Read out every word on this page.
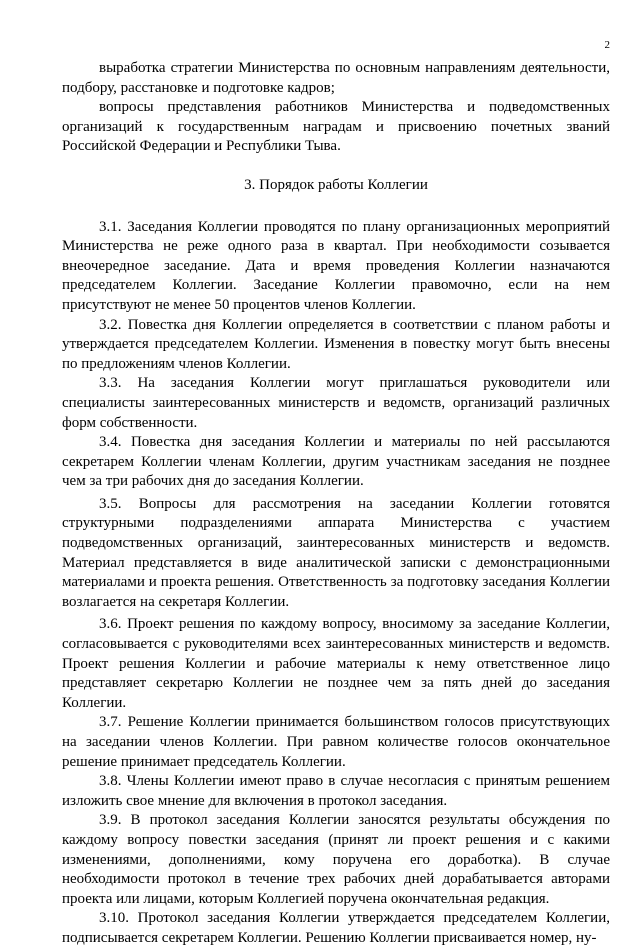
2

выработка стратегии Министерства по основным направлениям деятельности, подбору, расстановке и подготовке кадров;

вопросы представления работников Министерства и подведомственных организаций к государственным наградам и присвоению почетных званий Российской Федерации и Республики Тыва.

3. Порядок работы Коллегии

3.1. Заседания Коллегии проводятся по плану организационных мероприятий Министерства не реже одного раза в квартал. При необходимости созывается внеочередное заседание. Дата и время проведения Коллегии назначаются председателем Коллегии. Заседание Коллегии правомочно, если на нем присутствуют не менее 50 процентов членов Коллегии.

3.2. Повестка дня Коллегии определяется в соответствии с планом работы и утверждается председателем Коллегии. Изменения в повестку могут быть внесены по предложениям членов Коллегии.

3.3. На заседания Коллегии могут приглашаться руководители или специалисты заинтересованных министерств и ведомств, организаций различных форм собственности.

3.4. Повестка дня заседания Коллегии и материалы по ней рассылаются секретарем Коллегии членам Коллегии, другим участникам заседания не позднее чем за три рабочих дня до заседания Коллегии.

3.5. Вопросы для рассмотрения на заседании Коллегии готовятся структурными подразделениями аппарата Министерства с участием подведомственных организаций, заинтересованных министерств и ведомств. Материал представляется в виде аналитической записки с демонстрационными материалами и проекта решения. Ответственность за подготовку заседания Коллегии возлагается на секретаря Коллегии.

3.6. Проект решения по каждому вопросу, вносимому за заседание Коллегии, согласовывается с руководителями всех заинтересованных министерств и ведомств. Проект решения Коллегии и рабочие материалы к нему ответственное лицо представляет секретарю Коллегии не позднее чем за пять дней до заседания Коллегии.

3.7. Решение Коллегии принимается большинством голосов присутствующих на заседании членов Коллегии. При равном количестве голосов окончательное решение принимает председатель Коллегии.

3.8. Члены Коллегии имеют право в случае несогласия с принятым решением изложить свое мнение для включения в протокол заседания.

3.9. В протокол заседания Коллегии заносятся результаты обсуждения по каждому вопросу повестки заседания (принят ли проект решения и с какими изменениями, дополнениями, кому поручена его доработка). В случае необходимости протокол в течение трех рабочих дней дорабатывается авторами проекта или лицами, которым Коллегией поручена окончательная редакция.

3.10. Протокол заседания Коллегии утверждается председателем Коллегии, подписывается секретарем Коллегии. Решению Коллегии присваивается номер, ну-
